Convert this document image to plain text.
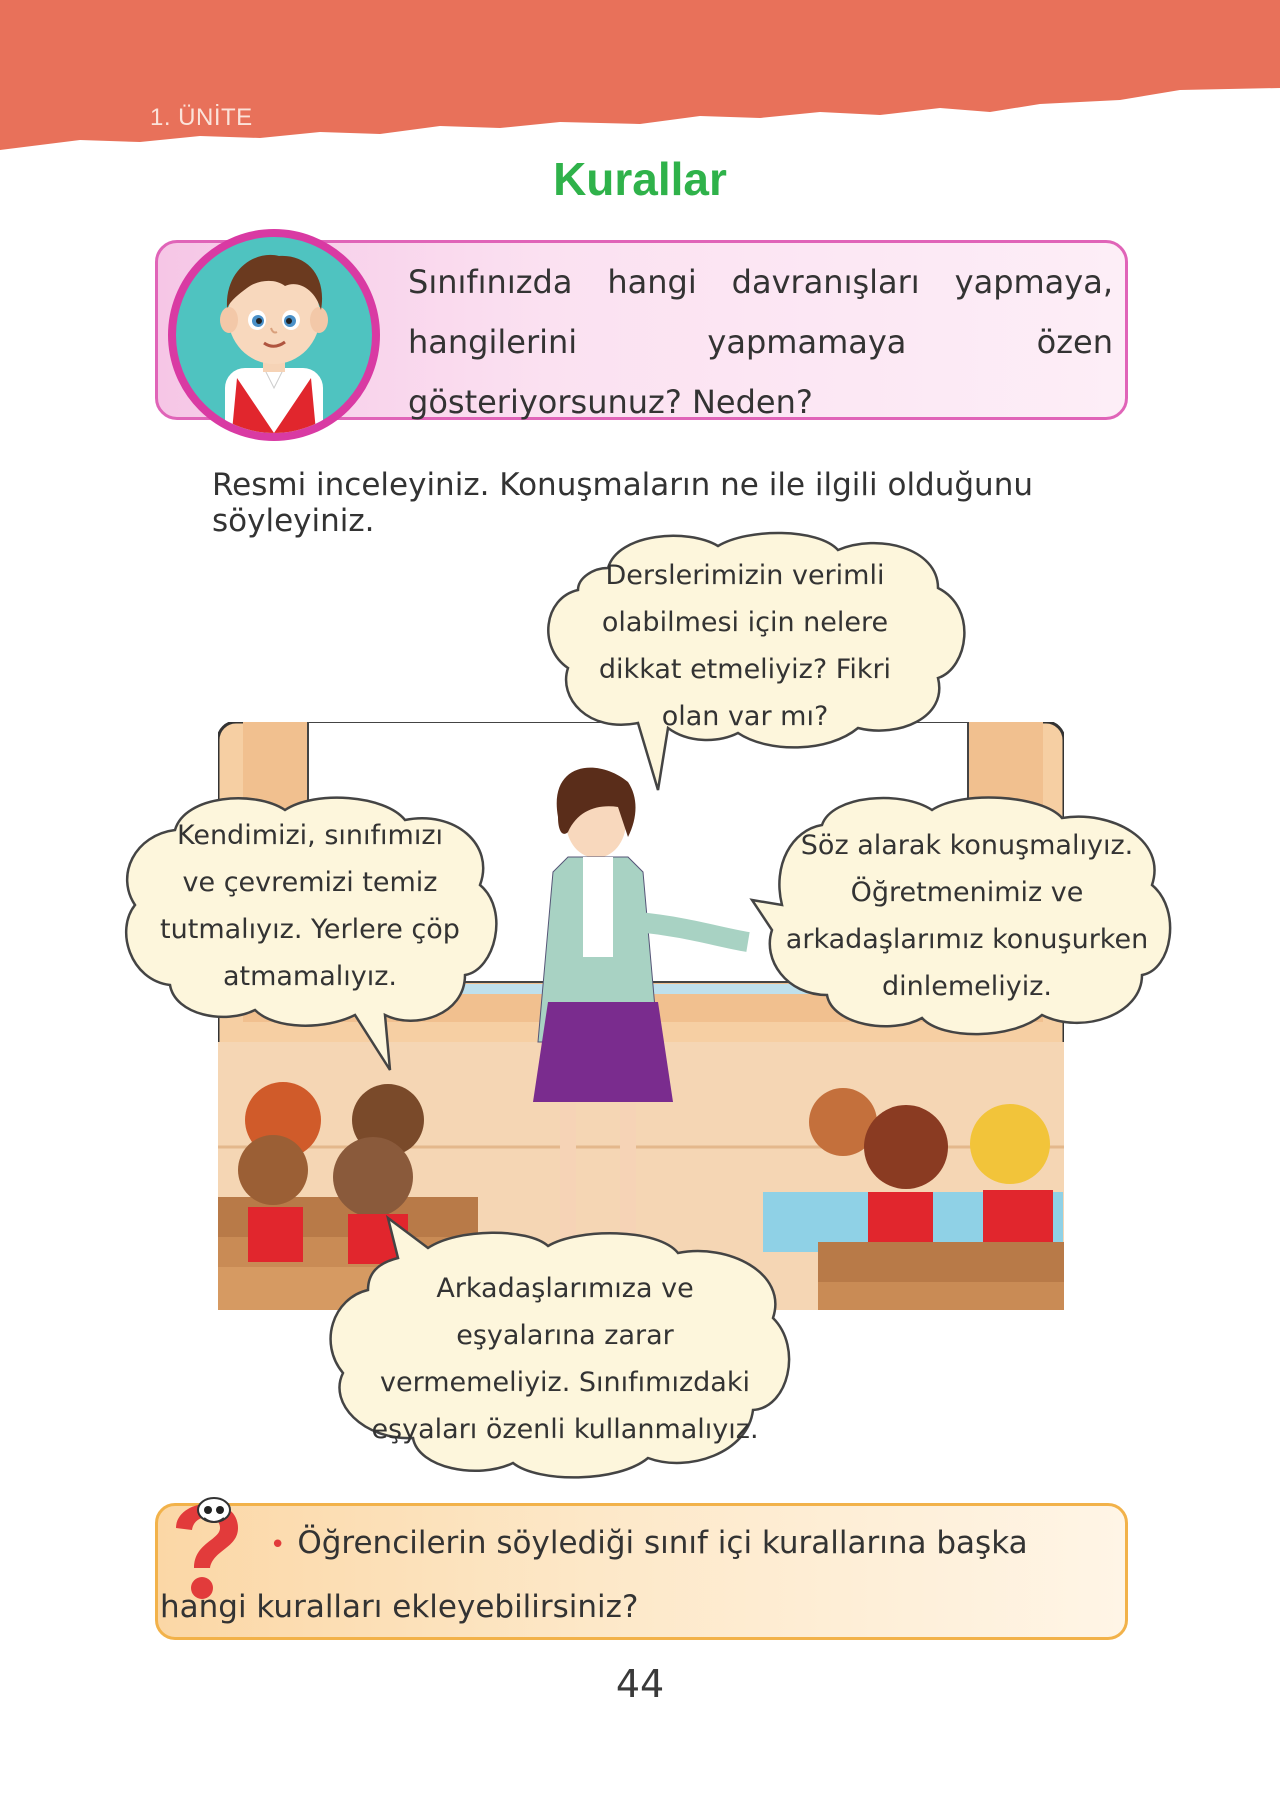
1. ÜNİTE
Kurallar
Sınıfınızda hangi davranışları yapmaya, hangilerini yapmamaya özen gösteriyorsunuz? Neden?
Resmi inceleyiniz. Konuşmaların ne ile ilgili olduğunu söyleyiniz.
Derslerimizin verimli olabilmesi için nelere dikkat etmeliyiz? Fikri olan var mı?
Kendimizi, sınıfımızı ve çevremizi temiz tutmalıyız. Yerlere çöp atmamalıyız.
Söz alarak konuşmalıyız. Öğretmenimiz ve arkadaşlarımız konuşurken dinlemeliyiz.
Arkadaşlarımıza ve eşyalarına zarar vermemeliyiz. Sınıfımızdaki eşyaları özenli kullanmalıyız.
• Öğrencilerin söylediği sınıf içi kurallarına başka hangi kuralları ekleyebilirsiniz?
44
